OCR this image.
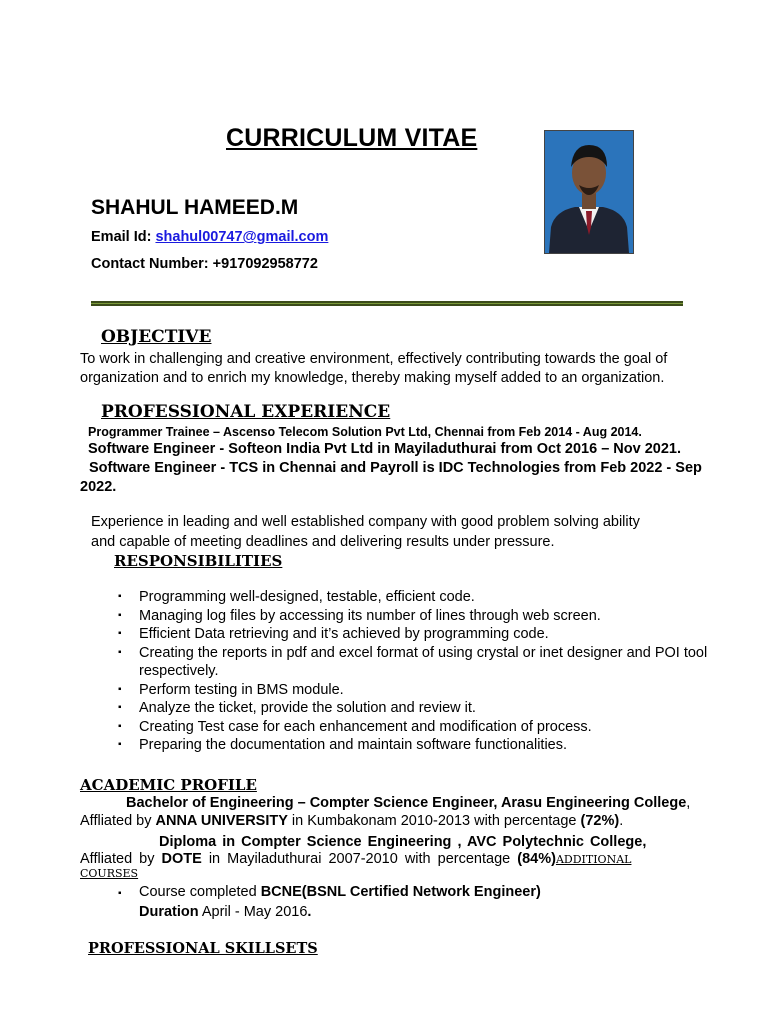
CURRICULUM VITAE
SHAHUL HAMEED.M
Email Id: shahul00747@gmail.com
Contact Number: +917092958772
OBJECTIVE
To work in challenging and creative environment, effectively contributing towards the goal of organization and to enrich my knowledge, thereby making myself added to an organization.
PROFESSIONAL EXPERIENCE
Programmer Trainee – Ascenso Telecom Solution Pvt Ltd, Chennai from Feb 2014 - Aug 2014.
Software Engineer - Softeon India Pvt Ltd in Mayiladuthurai from Oct 2016 – Nov 2021.
Software Engineer - TCS in Chennai and Payroll is IDC Technologies from Feb 2022 - Sep 2022.
Experience in leading and well established company with good problem solving ability
and capable of meeting deadlines and delivering results under pressure.
RESPONSIBILITIES
▪ Programming well-designed, testable, efficient code.
▪ Managing log files by accessing its number of lines through web screen.
▪ Efficient Data retrieving and it’s achieved by programming code.
▪ Creating the reports in pdf and excel format of using crystal or inet designer and POI tool respectively.
▪ Perform testing in BMS module.
▪ Analyze the ticket, provide the solution and review it.
▪ Creating Test case for each enhancement and modification of process.
▪ Preparing the documentation and maintain software functionalities.
ACADEMIC PROFILE
Bachelor of Engineering – Compter Science Engineer, Arasu Engineering College,
Affliated by ANNA UNIVERSITY in Kumbakonam 2010-2013 with percentage (72%).
Diploma in Compter Science Engineering , AVC Polytechnic College,
Affliated by DOTE in Mayiladuthurai 2007-2010 with percentage (84%)ADDITIONAL
COURSES
▪ Course completed BCNE(BSNL Certified Network Engineer)
Duration April - May 2016.
PROFESSIONAL SKILLSETS
